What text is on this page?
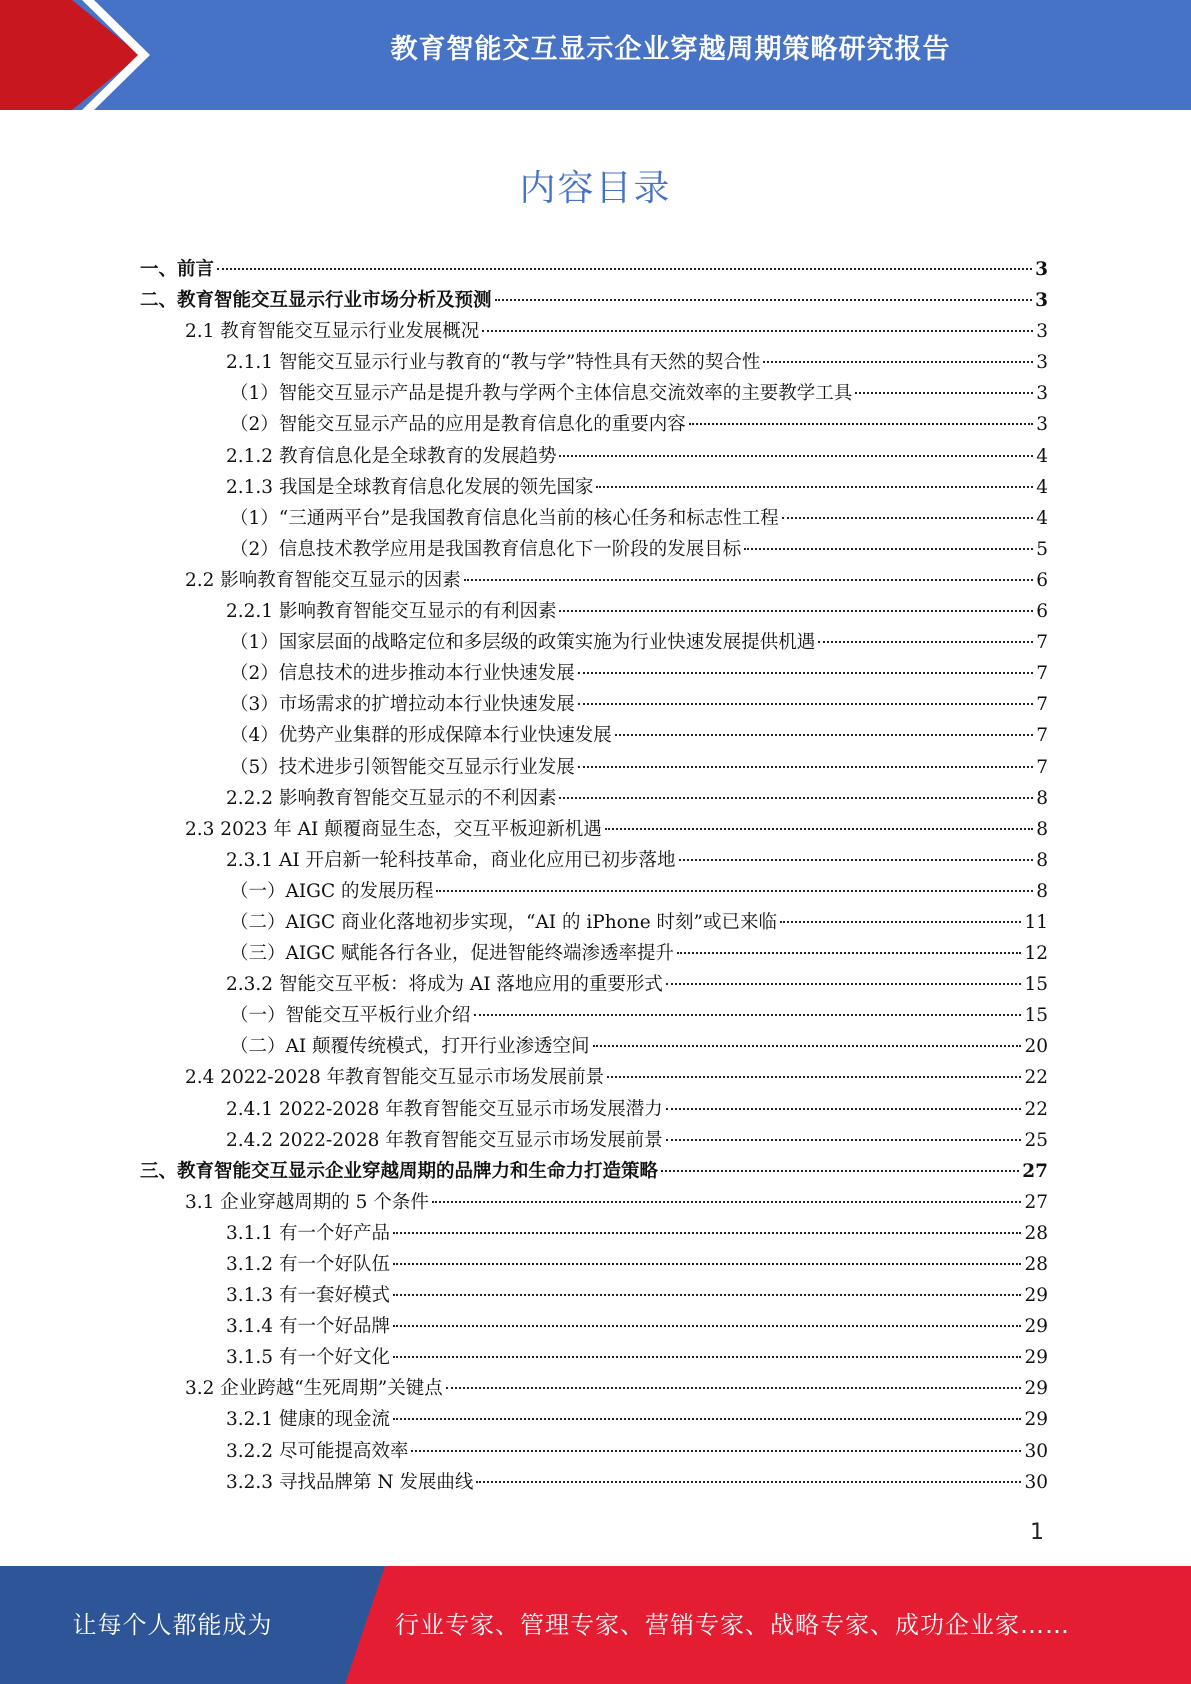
教育智能交互显示企业穿越周期策略研究报告
内容目录
一、前言	3
二、教育智能交互显示行业市场分析及预测	3
2.1 教育智能交互显示行业发展概况	3
2.1.1 智能交互显示行业与教育的“教与学”特性具有天然的契合性	3
（1）智能交互显示产品是提升教与学两个主体信息交流效率的主要教学工具	3
（2）智能交互显示产品的应用是教育信息化的重要内容	3
2.1.2 教育信息化是全球教育的发展趋势	4
2.1.3 我国是全球教育信息化发展的领先国家	4
（1）“三通两平台”是我国教育信息化当前的核心任务和标志性工程	4
（2）信息技术教学应用是我国教育信息化下一阶段的发展目标	5
2.2 影响教育智能交互显示的因素	6
2.2.1 影响教育智能交互显示的有利因素	6
（1）国家层面的战略定位和多层级的政策实施为行业快速发展提供机遇	7
（2）信息技术的进步推动本行业快速发展	7
（3）市场需求的扩增拉动本行业快速发展	7
（4）优势产业集群的形成保障本行业快速发展	7
（5）技术进步引领智能交互显示行业发展	7
2.2.2 影响教育智能交互显示的不利因素	8
2.3 2023 年 AI 颠覆商显生态，交互平板迎新机遇	8
2.3.1 AI 开启新一轮科技革命，商业化应用已初步落地	8
（一）AIGC 的发展历程	8
（二）AIGC 商业化落地初步实现，“AI 的 iPhone 时刻”或已来临	11
（三）AIGC 赋能各行各业，促进智能终端渗透率提升	12
2.3.2 智能交互平板：将成为 AI 落地应用的重要形式	15
（一）智能交互平板行业介绍	15
（二）AI 颠覆传统模式，打开行业渗透空间	20
2.4 2022-2028 年教育智能交互显示市场发展前景	22
2.4.1 2022-2028 年教育智能交互显示市场发展潜力	22
2.4.2 2022-2028 年教育智能交互显示市场发展前景	25
三、教育智能交互显示企业穿越周期的品牌力和生命力打造策略	27
3.1 企业穿越周期的 5 个条件	27
3.1.1 有一个好产品	28
3.1.2 有一个好队伍	28
3.1.3 有一套好模式	29
3.1.4 有一个好品牌	29
3.1.5 有一个好文化	29
3.2 企业跨越“生死周期”关键点	29
3.2.1 健康的现金流	29
3.2.2 尽可能提高效率	30
3.2.3 寻找品牌第 N 发展曲线	30
1
让每个人都能成为	行业专家、管理专家、营销专家、战略专家、成功企业家……
